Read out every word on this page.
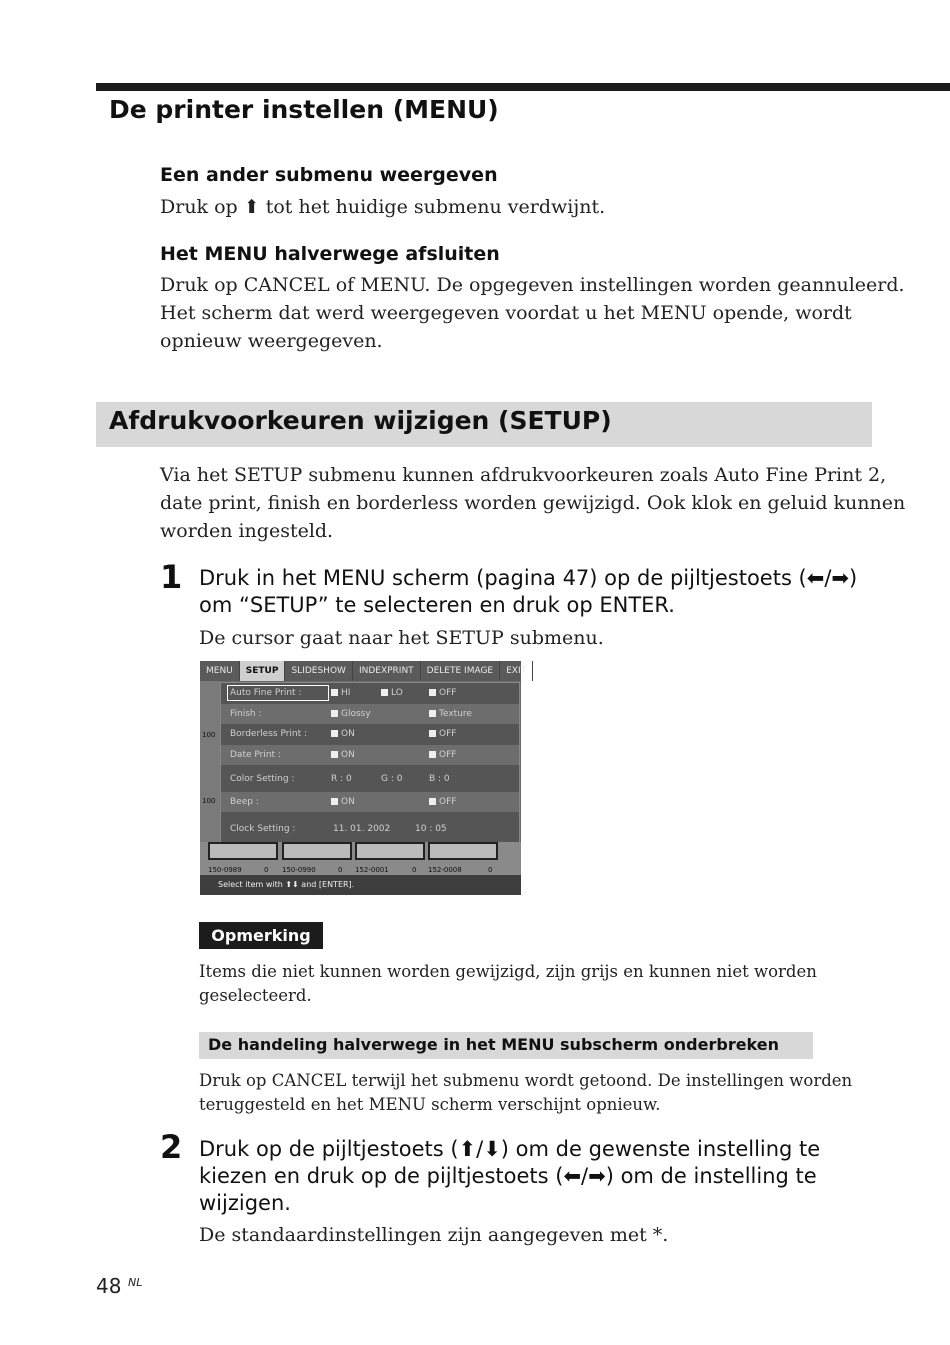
De printer instellen (MENU)
Een ander submenu weergeven
Druk op ⬆ tot het huidige submenu verdwijnt.
Het MENU halverwege afsluiten
Druk op CANCEL of MENU. De opgegeven instellingen worden geannuleerd.
Het scherm dat werd weergegeven voordat u het MENU opende, wordt
opnieuw weergegeven.
Afdrukvoorkeuren wijzigen (SETUP)
Via het SETUP submenu kunnen afdrukvoorkeuren zoals Auto Fine Print 2,
date print, finish en borderless worden gewijzigd. Ook klok en geluid kunnen
worden ingesteld.
1 Druk in het MENU scherm (pagina 47) op de pijltjestoets (⬅/➡)
om “SETUP” te selecteren en druk op ENTER.
De cursor gaat naar het SETUP submenu.
MENU	SETUP	SLIDESHOW	INDEXPRINT	DELETE IMAGE	EXIT
100
100
Auto Fine Print :	HI	LO	OFF
Finish :	Glossy	Texture
Borderless Print :	ON	OFF
Date Print :	ON	OFF
Color Setting :	R : 0	G : 0	B : 0
Beep :	ON	OFF
Clock Setting :	11. 01. 2002	10 : 05
150-0989	0 150-0990	0 152-0001	0 152-0008	0
Select item with ⬆⬇ and [ENTER].
Opmerking
Items die niet kunnen worden gewijzigd, zijn grijs en kunnen niet worden
geselecteerd.
De handeling halverwege in het MENU subscherm onderbreken
Druk op CANCEL terwijl het submenu wordt getoond. De instellingen worden
teruggesteld en het MENU scherm verschijnt opnieuw.
2 Druk op de pijltjestoets (⬆/⬇) om de gewenste instelling te
kiezen en druk op de pijltjestoets (⬅/➡) om de instelling te
wijzigen.
De standaardinstellingen zijn aangegeven met *.
48 NL
